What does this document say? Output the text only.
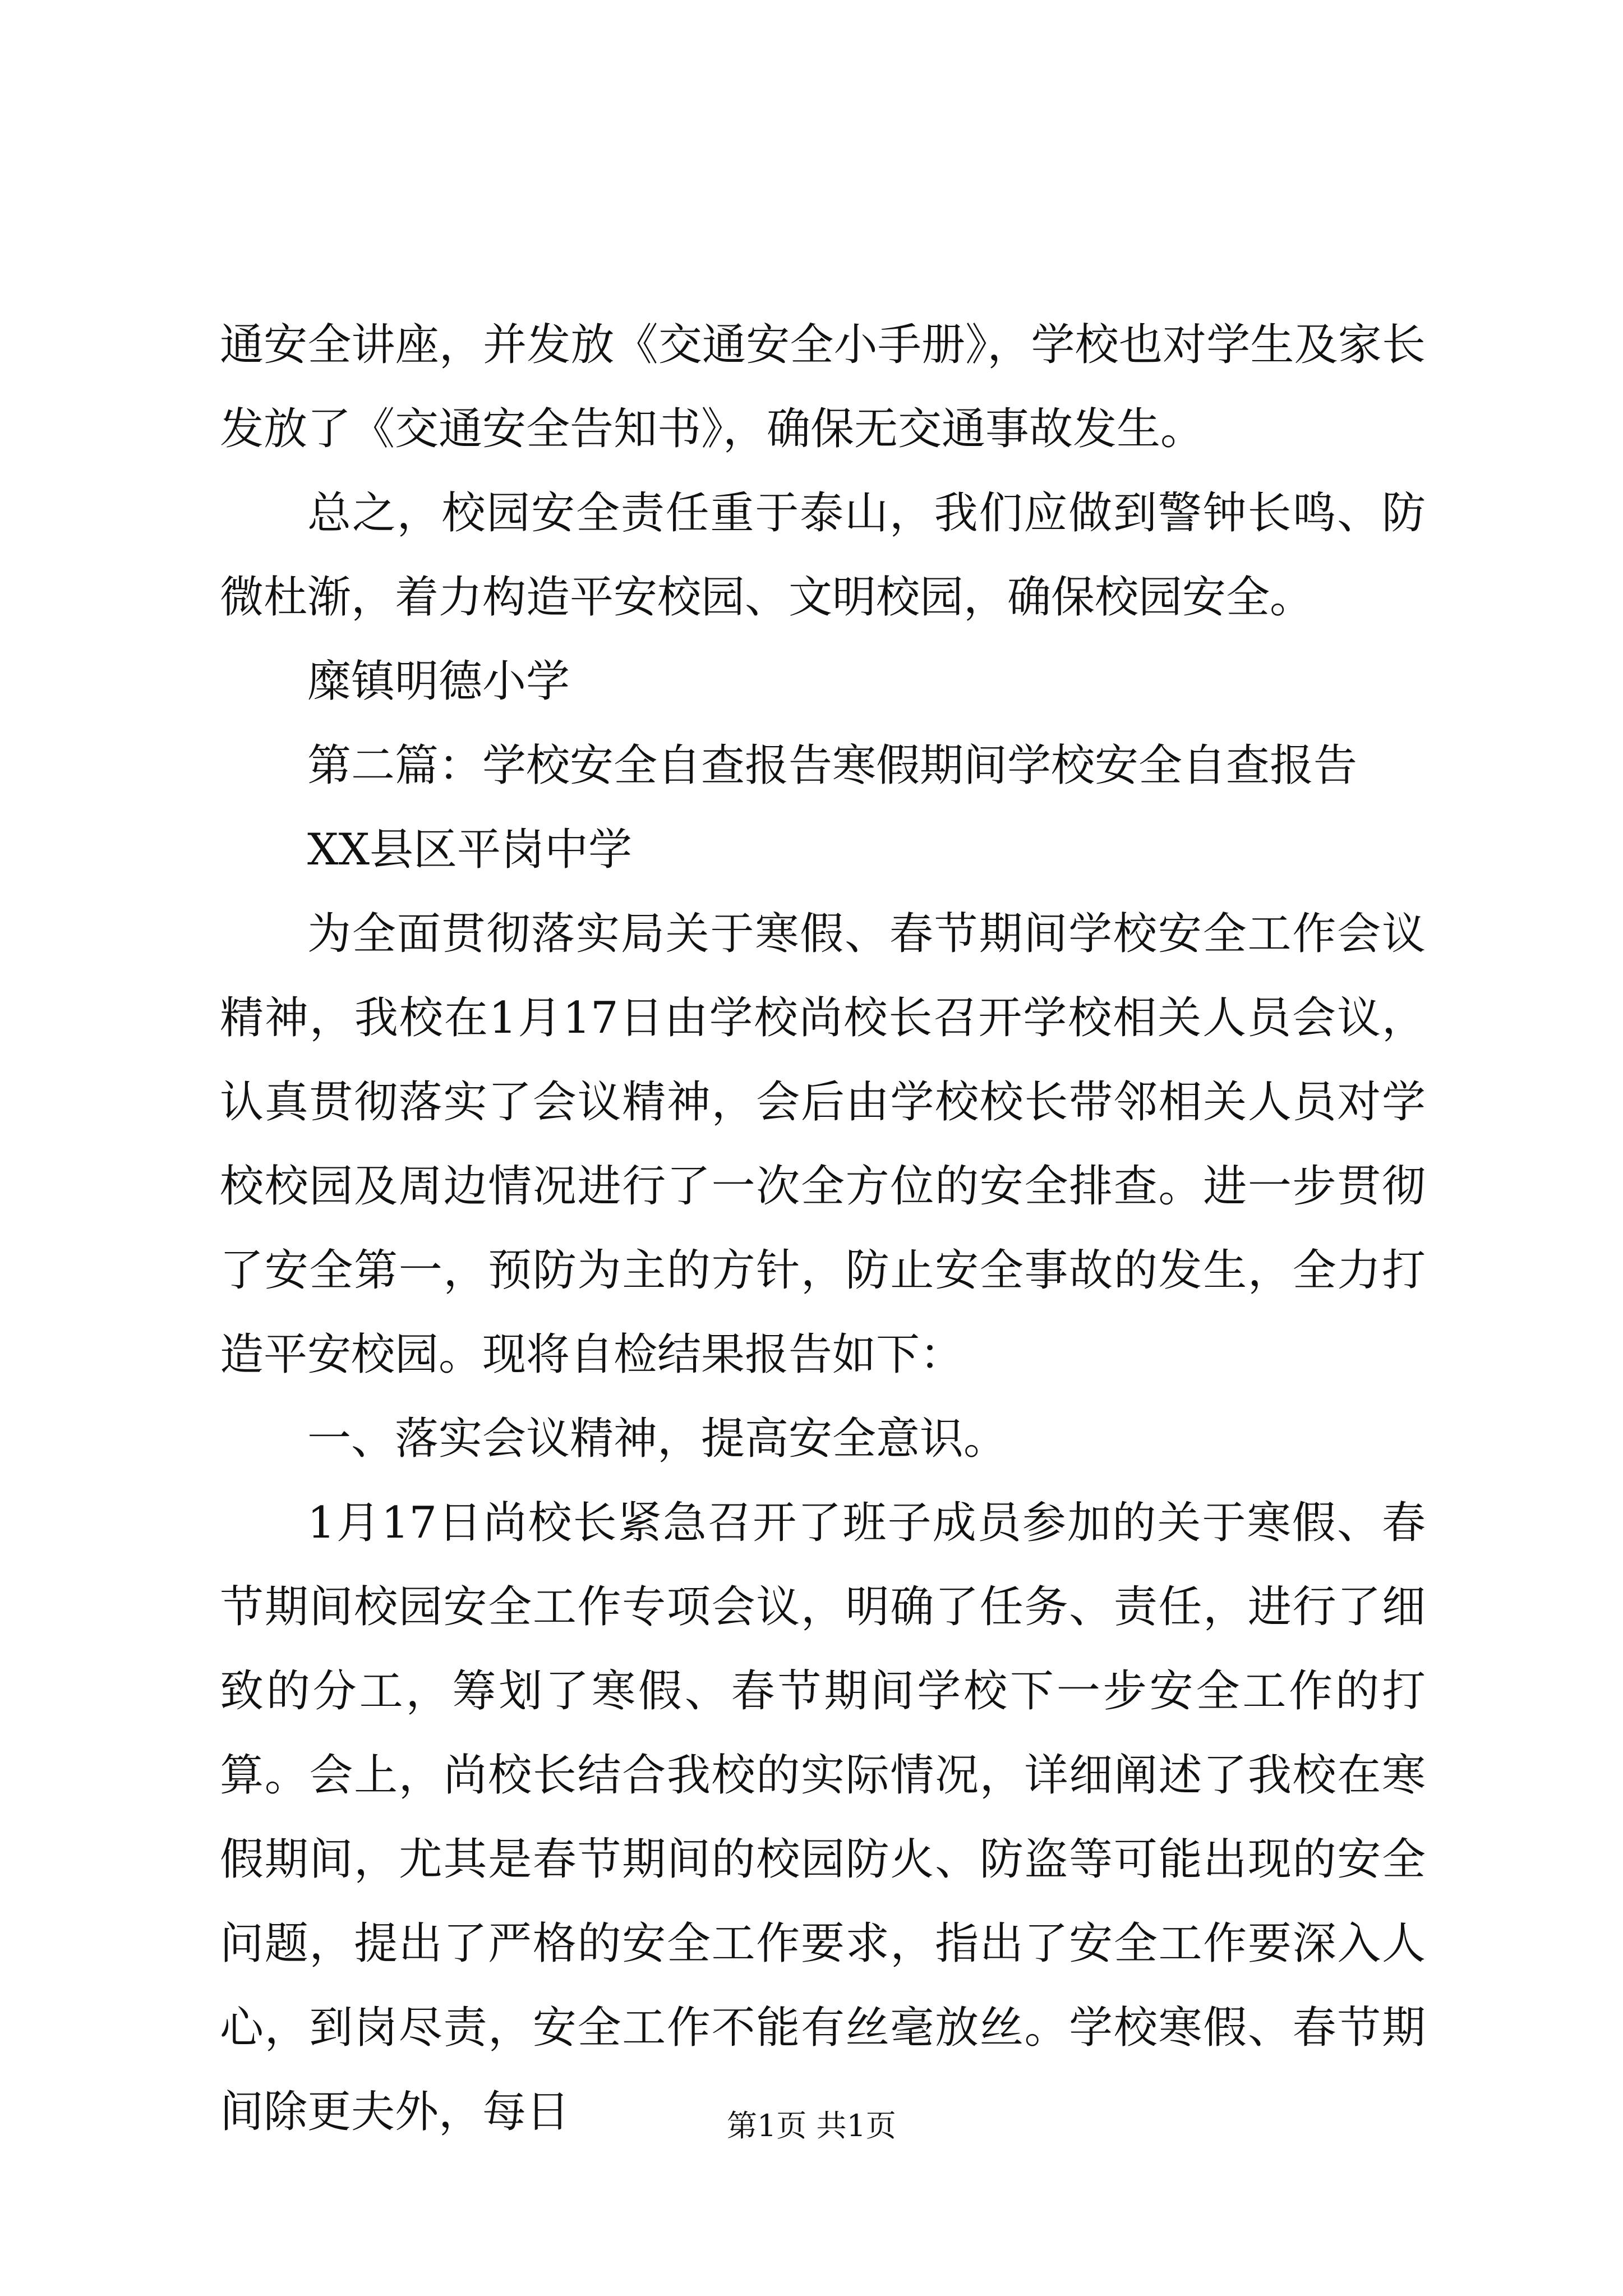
通安全讲座，并发放《交通安全小手册》，学校也对学生及家长发放了《交通安全告知书》，确保无交通事故发生。

总之，校园安全责任重于泰山，我们应做到警钟长鸣、防微杜渐，着力构造平安校园、文明校园，确保校园安全。

糜镇明德小学

第二篇：学校安全自查报告寒假期间学校安全自查报告

XX县区平岗中学

为全面贯彻落实局关于寒假、春节期间学校安全工作会议精神，我校在1月17日由学校尚校长召开学校相关人员会议，认真贯彻落实了会议精神，会后由学校校长带邻相关人员对学校校园及周边情况进行了一次全方位的安全排查。进一步贯彻了安全第一，预防为主的方针，防止安全事故的发生，全力打造平安校园。现将自检结果报告如下：

一、落实会议精神，提高安全意识。

1月17日尚校长紧急召开了班子成员参加的关于寒假、春节期间校园安全工作专项会议，明确了任务、责任，进行了细致的分工，筹划了寒假、春节期间学校下一步安全工作的打算。会上，尚校长结合我校的实际情况，详细阐述了我校在寒假期间，尤其是春节期间的校园防火、防盗等可能出现的安全问题，提出了严格的安全工作要求，指出了安全工作要深入人心，到岗尽责，安全工作不能有丝毫放丝。学校寒假、春节期间除更夫外，每日	第1页 共1页
